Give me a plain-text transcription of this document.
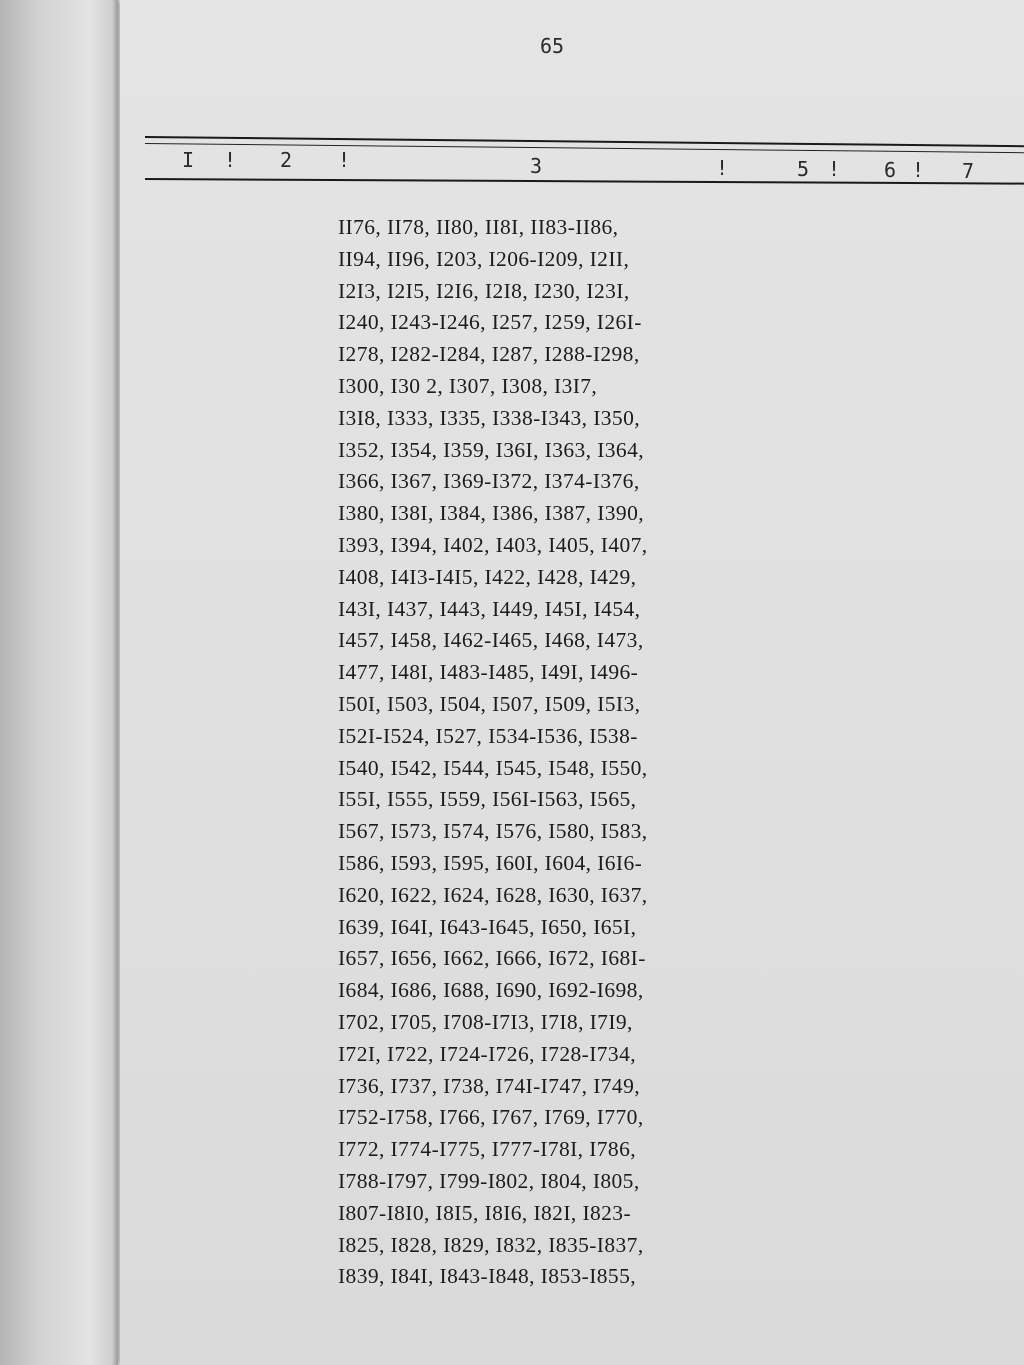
65
I ! 2 !	3	!	5 ! 6 ! 7
II76, II78, II80, II8I, II83-II86,
II94, II96, I203, I206-I209, I2II,
I2I3, I2I5, I2I6, I2I8, I230, I23I,
I240, I243-I246, I257, I259, I26I-
I278, I282-I284, I287, I288-I298,
I300, I30 2, I307, I308, I3I7,
I3I8, I333, I335, I338-I343, I350,
I352, I354, I359, I36I, I363, I364,
I366, I367, I369-I372, I374-I376,
I380, I38I, I384, I386, I387, I390,
I393, I394, I402, I403, I405, I407,
I408, I4I3-I4I5, I422, I428, I429,
I43I, I437, I443, I449, I45I, I454,
I457, I458, I462-I465, I468, I473,
I477, I48I, I483-I485, I49I, I496-
I50I, I503, I504, I507, I509, I5I3,
I52I-I524, I527, I534-I536, I538-
I540, I542, I544, I545, I548, I550,
I55I, I555, I559, I56I-I563, I565,
I567, I573, I574, I576, I580, I583,
I586, I593, I595, I60I, I604, I6I6-
I620, I622, I624, I628, I630, I637,
I639, I64I, I643-I645, I650, I65I,
I657, I656, I662, I666, I672, I68I-
I684, I686, I688, I690, I692-I698,
I702, I705, I708-I7I3, I7I8, I7I9,
I72I, I722, I724-I726, I728-I734,
I736, I737, I738, I74I-I747, I749,
I752-I758, I766, I767, I769, I770,
I772, I774-I775, I777-I78I, I786,
I788-I797, I799-I802, I804, I805,
I807-I8I0, I8I5, I8I6, I82I, I823-
I825, I828, I829, I832, I835-I837,
I839, I84I, I843-I848, I853-I855,
